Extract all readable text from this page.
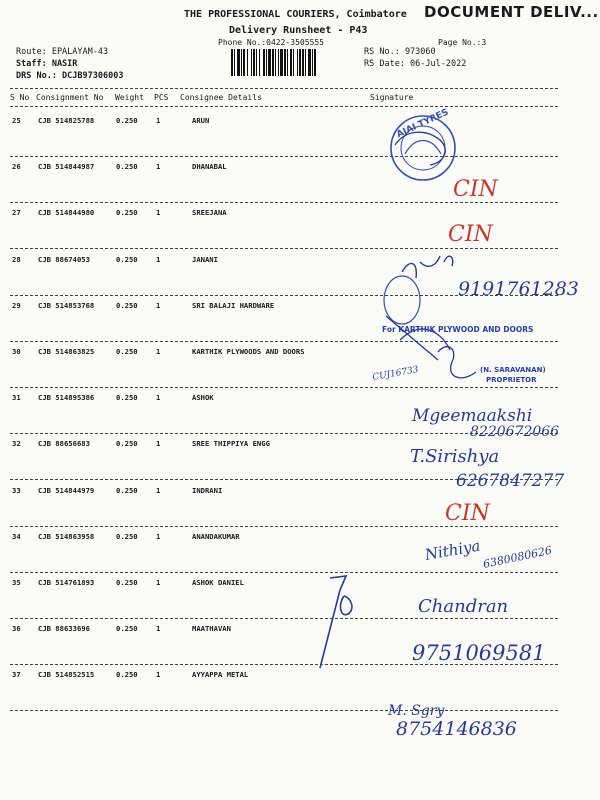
THE PROFESSIONAL COURIERS, Coimbatore DOCUMENT DELIV...
Delivery Runsheet - P43
Phone No.:0422-3505555	Page No.:3
Route: EPALAYAM-43
Staff: NASIR
DRS No.: DCJB97306003
RS No.: 973060
RS Date: 06-Jul-2022
S No Consignment No Weight PCS Consignee Details	Signature
25 CJB 514825788	0.250	1	ARUN
26 CJB 514844987	0.250	1	DHANABAL
27 CJB 514844980	0.250	1	SREEJANA
28 CJB 88674053	0.250	1	JANANI
29 CJB 514853768	0.250	1	SRI BALAJI HARDWARE
30 CJB 514863825	0.250	1	KARTHIK PLYWOODS AND DOORS
31 CJB 514895386	0.250	1	ASHOK
32 CJB 88656683	0.250	1	SREE THIPPIYA ENGG
33 CJB 514844979	0.250	1	INDRANI
34 CJB 514863958	0.250	1	ANANDAKUMAR
35 CJB 514761893	0.250	1	ASHOK DANIEL
36 CJB 88633696	0.250	1	MAATHAVAN
37 CJB 514852515	0.250	1	AYYAPPA METAL
AJAI TYRES
CIN
CIN
9191761283
For KARTHIK PLYWOOD AND DOORS
(N. SARAVANAN)
PROPRIETOR
CUJ16733
Mgeemaakshi
8220672066
T.Sirishya
6267847277
CIN
Nithiya 6380080626
Chandran
9751069581
M. Sgry
8754146836
